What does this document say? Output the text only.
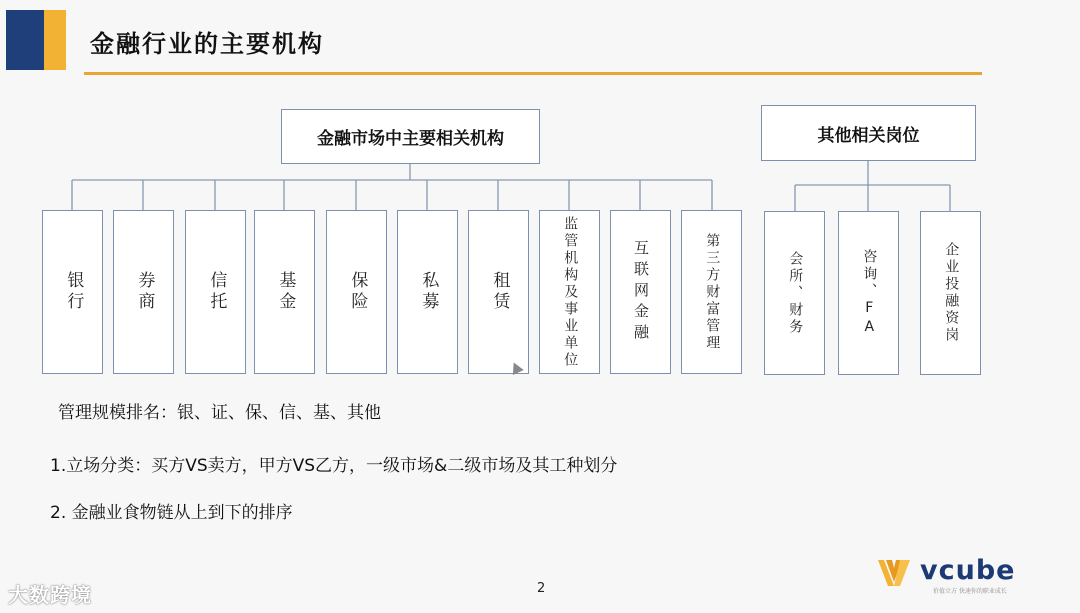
金融行业的主要机构
金融市场中主要相关机构	其他相关岗位
银行	券商	信托	基金	保险	私募	租赁	监管机构及事业单位	互联网金融	第三方财富管理	会所、财务	咨询、FA	企业投融资岗
管理规模排名：银、证、保、信、基、其他
1.立场分类：买方VS卖方，甲方VS乙方，一级市场&二级市场及其工种划分
2. 金融业食物链从上到下的排序
2
vcube
价值立方 快速你的职业成长
大数跨境
